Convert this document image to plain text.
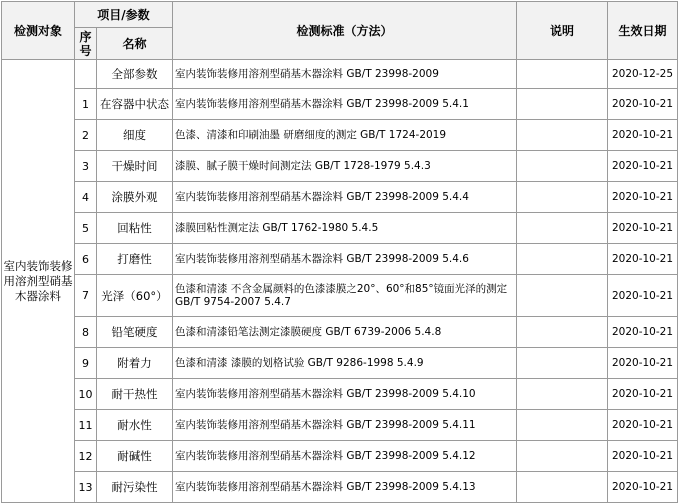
检测对象	项目/参数		检测标准（方法）	说明	生效日期
	序号	名称			
室内装饰装修用溶剂型硝基木器涂料		全部参数	室内装饰装修用溶剂型硝基木器涂料 GB/T 23998-2009		2020-12-25
	1	在容器中状态	室内装饰装修用溶剂型硝基木器涂料 GB/T 23998-2009 5.4.1		2020-10-21
	2	细度	色漆、清漆和印刷油墨 研磨细度的测定 GB/T 1724-2019		2020-10-21
	3	干燥时间	漆膜、腻子膜干燥时间测定法 GB/T 1728-1979 5.4.3		2020-10-21
	4	涂膜外观	室内装饰装修用溶剂型硝基木器涂料 GB/T 23998-2009 5.4.4		2020-10-21
	5	回粘性	漆膜回粘性测定法 GB/T 1762-1980 5.4.5		2020-10-21
	6	打磨性	室内装饰装修用溶剂型硝基木器涂料 GB/T 23998-2009 5.4.6		2020-10-21
	7	光泽（60°）	色漆和清漆 不含金属颜料的色漆漆膜之20°、60°和85°镜面光泽的测定 GB/T 9754-2007 5.4.7		2020-10-21
	8	铅笔硬度	色漆和清漆铅笔法测定漆膜硬度 GB/T 6739-2006 5.4.8		2020-10-21
	9	附着力	色漆和清漆 漆膜的划格试验 GB/T 9286-1998 5.4.9		2020-10-21
	10	耐干热性	室内装饰装修用溶剂型硝基木器涂料 GB/T 23998-2009 5.4.10		2020-10-21
	11	耐水性	室内装饰装修用溶剂型硝基木器涂料 GB/T 23998-2009 5.4.11		2020-10-21
	12	耐碱性	室内装饰装修用溶剂型硝基木器涂料 GB/T 23998-2009 5.4.12		2020-10-21
	13	耐污染性	室内装饰装修用溶剂型硝基木器涂料 GB/T 23998-2009 5.4.13		2020-10-21
